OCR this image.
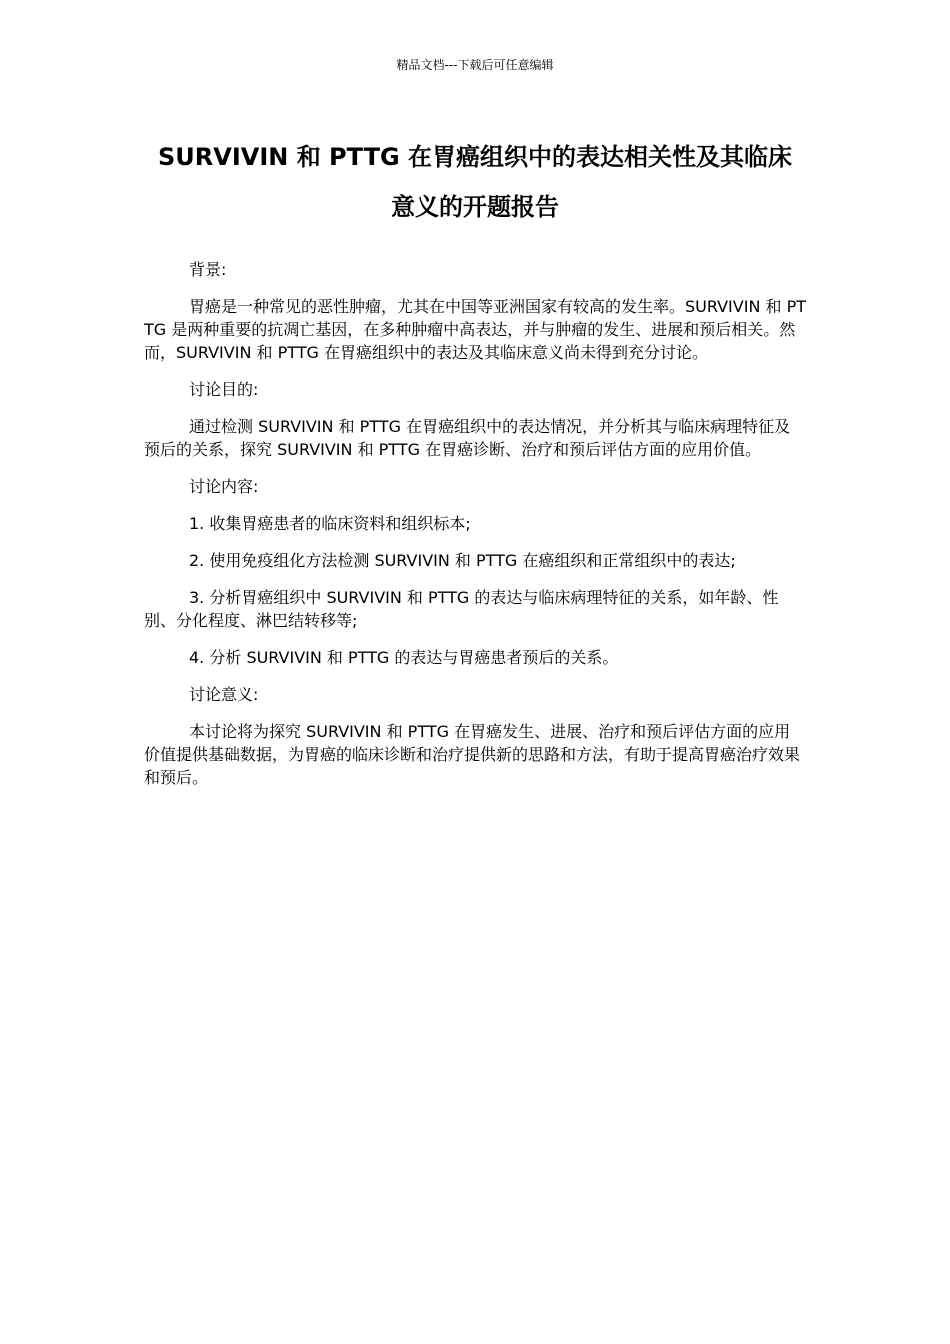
精品文档---下载后可任意编辑
SURVIVIN 和 PTTG 在胃癌组织中的表达相关性及其临床
意义的开题报告

背景:

胃癌是一种常见的恶性肿瘤，尤其在中国等亚洲国家有较高的发生率。SURVIVIN 和 PTTG 是两种重要的抗凋亡基因，在多种肿瘤中高表达，并与肿瘤的发生、进展和预后相关。然而，SURVIVIN 和 PTTG 在胃癌组织中的表达及其临床意义尚未得到充分讨论。

讨论目的:

通过检测 SURVIVIN 和 PTTG 在胃癌组织中的表达情况，并分析其与临床病理特征及预后的关系，探究 SURVIVIN 和 PTTG 在胃癌诊断、治疗和预后评估方面的应用价值。

讨论内容:

1. 收集胃癌患者的临床资料和组织标本;

2. 使用免疫组化方法检测 SURVIVIN 和 PTTG 在癌组织和正常组织中的表达;

3. 分析胃癌组织中 SURVIVIN 和 PTTG 的表达与临床病理特征的关系，如年龄、性别、分化程度、淋巴结转移等;

4. 分析 SURVIVIN 和 PTTG 的表达与胃癌患者预后的关系。

讨论意义:

本讨论将为探究 SURVIVIN 和 PTTG 在胃癌发生、进展、治疗和预后评估方面的应用价值提供基础数据，为胃癌的临床诊断和治疗提供新的思路和方法，有助于提高胃癌治疗效果和预后。
